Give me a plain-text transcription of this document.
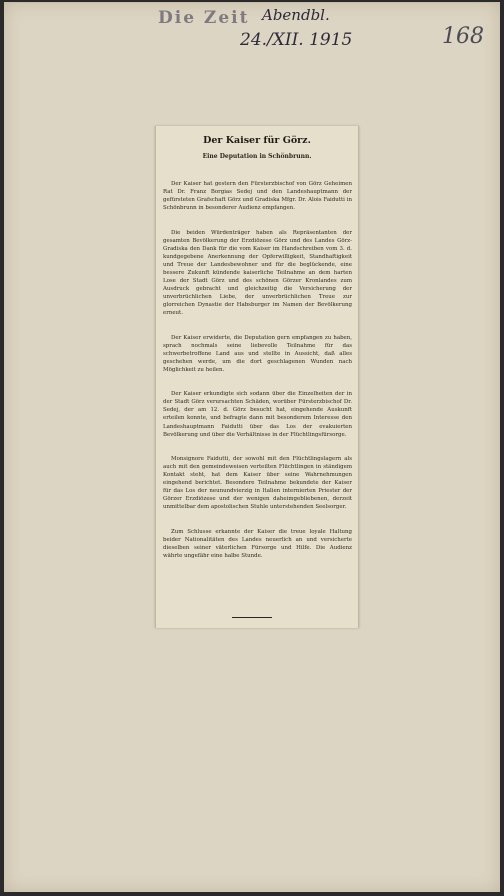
Die Zeit Abendbl.
24./XII. 1915	168
Der Kaiser für Görz.
Eine Deputation in Schönbrunn.

Der Kaiser hat gestern den Fürsterzbischof von Görz Geheimen Rat Dr. Franz Borgias Sedej und den Landeshauptmann der gefürsteten Grafschaft Görz und Gradiska Mfgr. Dr. Alois Faidutti in Schönbrunn in besonderer Audienz empfangen.

Die beiden Würdenträger haben als Repräsentanten der gesamten Bevölkerung der Erzdiözese Görz und des Landes Görz-Gradiska den Dank für die vom Kaiser im Handschreiben vom 3. d. kundgegebene Anerkennung der Opferwilligkeit, Standhaftigkeit und Treue der Landesbewohner und für die beglückende, eine bessere Zukunft kündende kaiserliche Teilnahme an dem harten Lose der Stadt Görz und des schönen Görzer Kronlandes zum Ausdruck gebracht und gleichzeitig die Versicherung der unverbrüchlichen Liebe, der unverbrüchlichen Treue zur glorreichen Dynastie der Habsburger im Namen der Bevölkerung erneut.

Der Kaiser erwiderte, die Deputation gern empfangen zu haben, sprach nochmals seine liebevolle Teilnahme für das schwerbetroffene Land aus und stellte in Aussicht, daß alles geschehen werde, um die dort geschlagenen Wunden nach Möglichkeit zu heilen.

Der Kaiser erkundigte sich sodann über die Einzelheiten der in der Stadt Görz verursachten Schäden, worüber Fürsterzbischof Dr. Sedej, der am 12. d. Görz besucht hat, eingehende Auskunft erteilen konnte, und befragte dann mit besonderem Interesse den Landeshauptmann Faidutti über das Los der evakuierten Bevölkerung und über die Verhältnisse in der Flüchtlingsfürsorge.

Monsignore Faidutti, der sowohl mit den Flüchtlingslagern als auch mit den gemeindeweisen verteilten Flüchtlingen in ständigem Kontakt steht, hat dem Kaiser über seine Wahrnehmungen eingehend berichtet. Besondere Teilnahme bekundete der Kaiser für das Los der neunundvierzig in Italien internierten Priester der Görzer Erzdiözese und der wenigen daheimgebliebenen, derzeit unmittelbar dem apostolischen Stuhle unterstehenden Seelsorger.

Zum Schlusse erkannte der Kaiser die treue loyale Haltung beider Nationalitäten des Landes neuerlich an und versicherte dieselben seiner väterlichen Fürsorge und Hilfe. Die Audienz währte ungefähr eine halbe Stunde.
